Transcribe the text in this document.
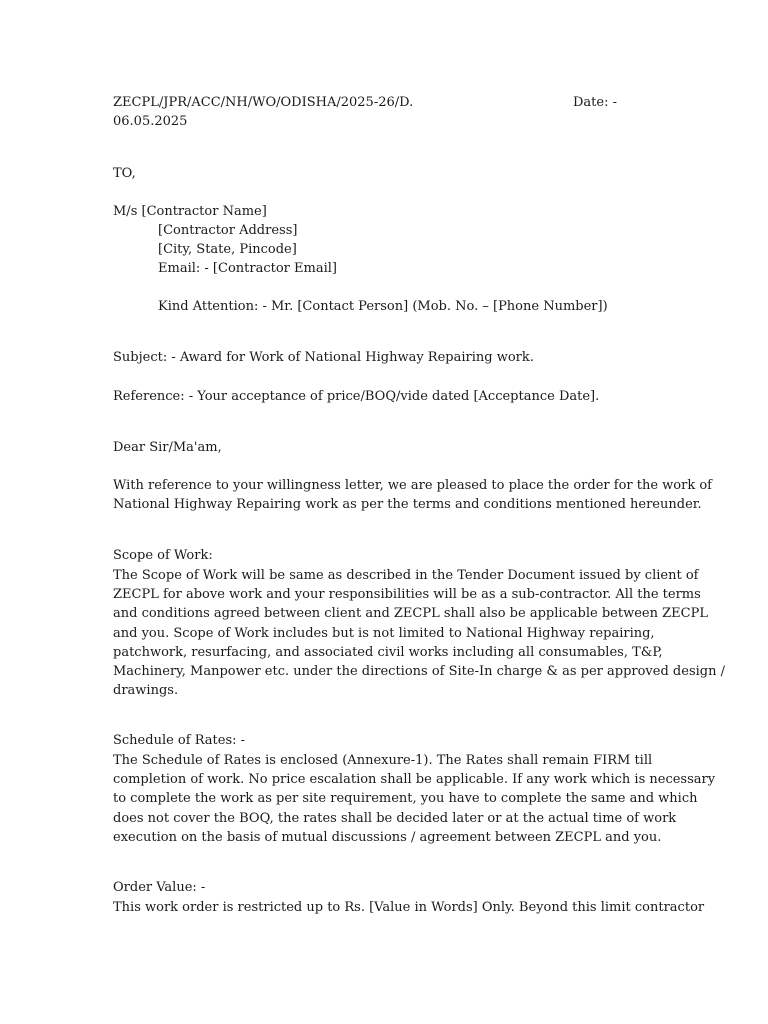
ZECPL/JPR/ACC/NH/WO/ODISHA/2025-26/D.	Date: -
06.05.2025
TO,
M/s [Contractor Name]
[Contractor Address]
[City, State, Pincode]
Email: - [Contractor Email]
Kind Attention: - Mr. [Contact Person] (Mob. No. – [Phone Number])
Subject: - Award for Work of National Highway Repairing work.
Reference: - Your acceptance of price/BOQ/vide dated [Acceptance Date].
Dear Sir/Ma'am,
With reference to your willingness letter, we are pleased to place the order for the work of
National Highway Repairing work as per the terms and conditions mentioned hereunder.
Scope of Work:
The Scope of Work will be same as described in the Tender Document issued by client of
ZECPL for above work and your responsibilities will be as a sub-contractor. All the terms
and conditions agreed between client and ZECPL shall also be applicable between ZECPL
and you. Scope of Work includes but is not limited to National Highway repairing,
patchwork, resurfacing, and associated civil works including all consumables, T&P,
Machinery, Manpower etc. under the directions of Site-In charge & as per approved design /
drawings.
Schedule of Rates: -
The Schedule of Rates is enclosed (Annexure-1). The Rates shall remain FIRM till
completion of work. No price escalation shall be applicable. If any work which is necessary
to complete the work as per site requirement, you have to complete the same and which
does not cover the BOQ, the rates shall be decided later or at the actual time of work
execution on the basis of mutual discussions / agreement between ZECPL and you.
Order Value: -
This work order is restricted up to Rs. [Value in Words] Only. Beyond this limit contractor
